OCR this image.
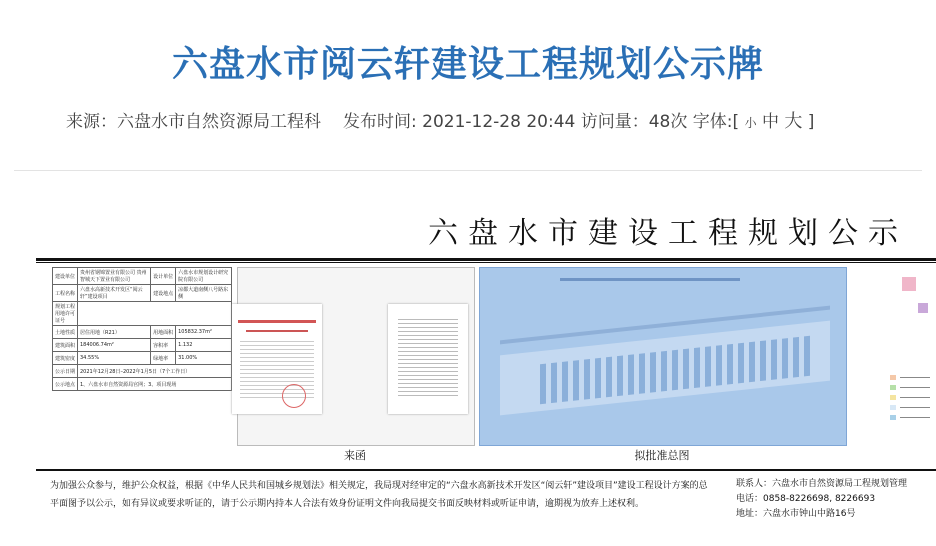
六盘水市阅云轩建设工程规划公示牌
来源：六盘水市自然资源局工程科 发布时间: 2021-12-28 20:44 访问量：48次 字体:[ 小 中 大 ]
六盘水市建设工程规划公示
建设单位	贵州省钢锦置业有限公司 贵州智城天下置业有限公司	设计单位	六盘水市规划设计研究院有限公司
工程名称	六盘水高新技术开发区“阅云轩”建设项目	建设地点	凉都大道南侧八号路东侧
规划工程用地许可证号			
土地性质	居住用地（R21）	用地面积	105832.37m²
建筑面积	184006.74m²	容积率	1.132
建筑密度	34.55%	绿地率	31.00%
公示日期	2021年12月28日–2022年1月5日（7个工作日）		
公示地点	1、六盘水市自然资源局官网；3、项目现场		
来函	拟批准总图
为加强公众参与，维护公众权益，根据《中华人民共和国城乡规划法》相关规定，我局现对经审定的“六盘水高新技术开发区“阅云轩”建设项目”建设工程设计方案的总平面图予以公示，如有异议或要求听证的，请于公示期内持本人合法有效身份证明文件向我局提交书面反映材料或听证申请，逾期视为放弃上述权利。
联系人：六盘水市自然资源局工程规划管理
电话：0858-8226698, 8226693
地址：六盘水市钟山中路16号
